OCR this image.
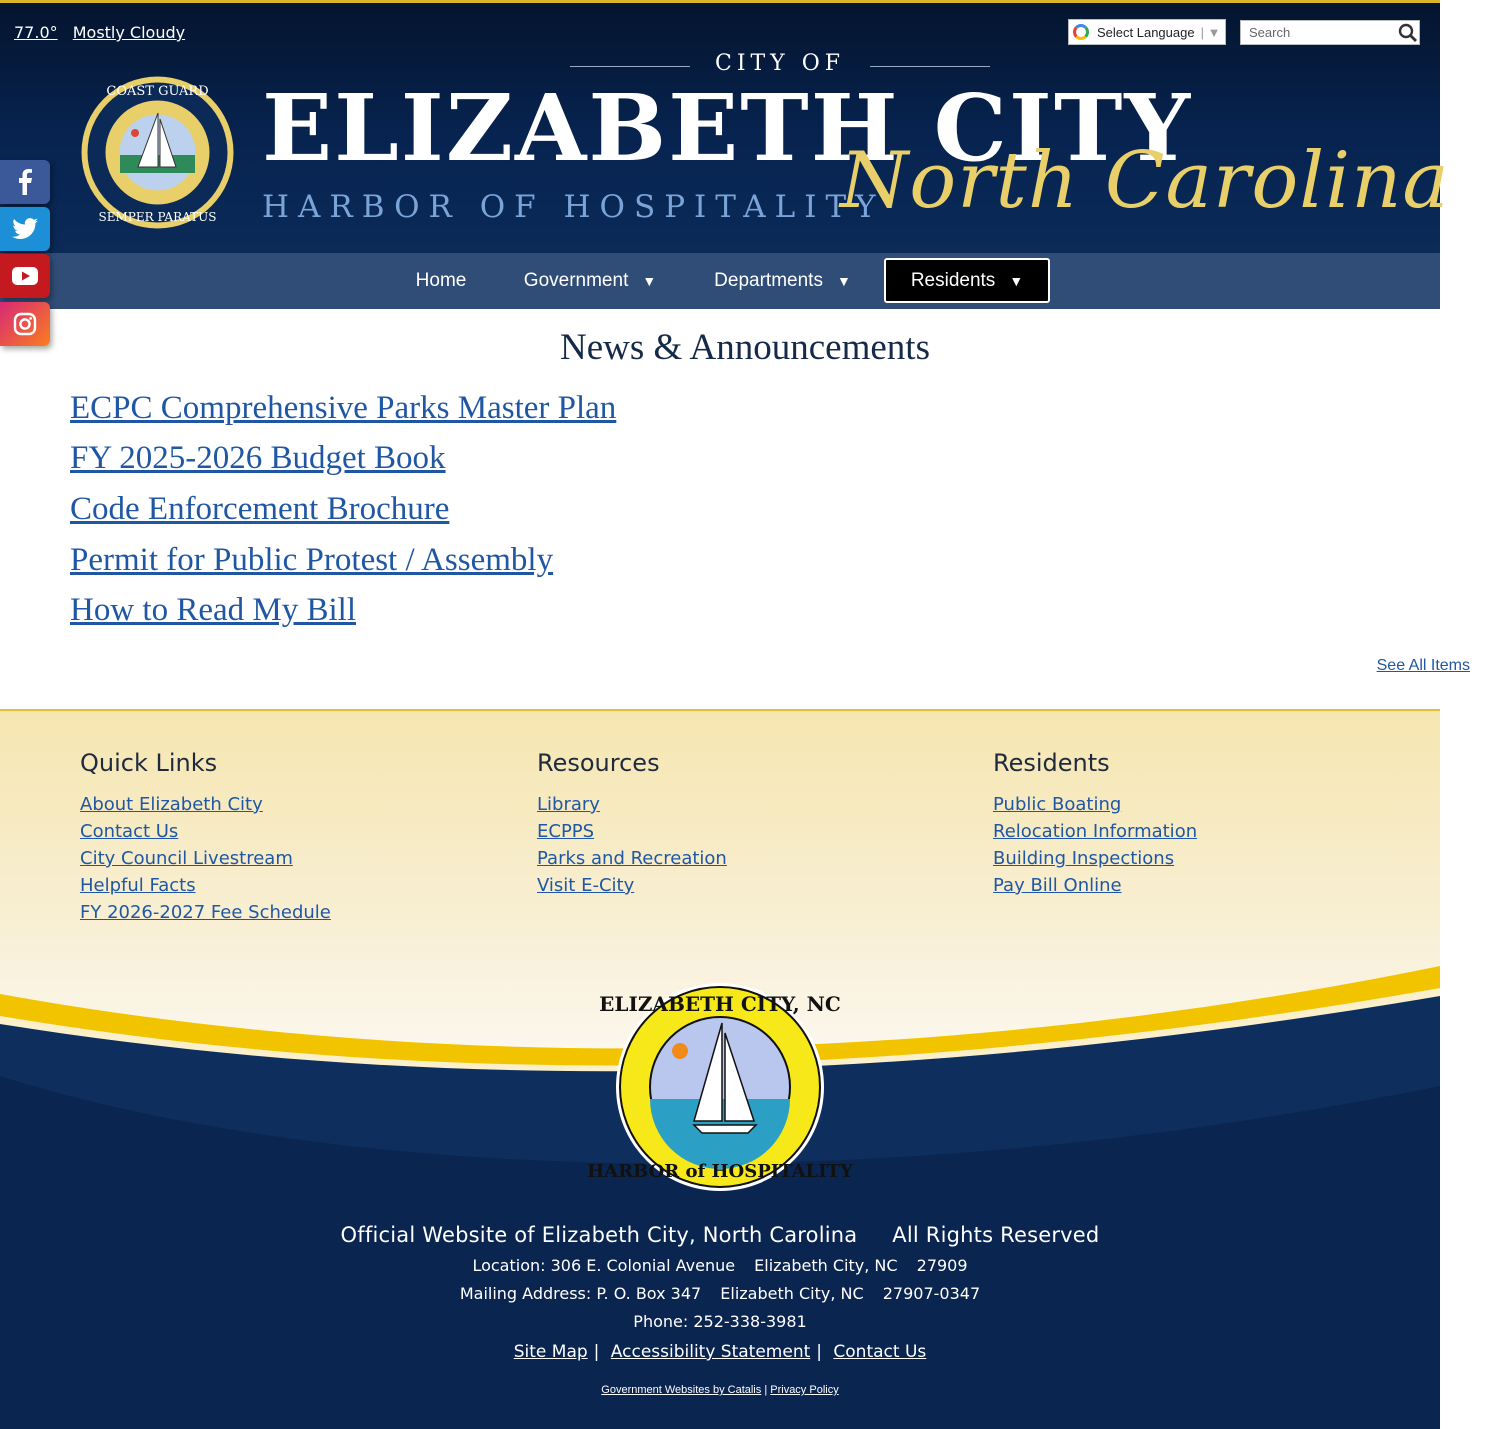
77.0° Mostly Cloudy	Select Language | ▼	Search
COAST GUARD
SEMPER PARATUS
CITY OF
ELIZABETH CITY
HARBOR OF HOSPITALITY
North Carolina
Home	Government ▼	Departments ▼	Residents ▼
News & Announcements
ECPC Comprehensive Parks Master Plan
FY 2025-2026 Budget Book
Code Enforcement Brochure
Permit for Public Protest / Assembly
How to Read My Bill
See All Items
Quick Links
About Elizabeth City
Contact Us
City Council Livestream
Helpful Facts
FY 2026-2027 Fee Schedule
Resources
Library
ECPPS
Parks and Recreation
Visit E-City
Residents
Public Boating
Relocation Information
Building Inspections
Pay Bill Online
ELIZABETH CITY, NC
HARBOR of HOSPITALITY
Official Website of Elizabeth City, North Carolina All Rights Reserved
Location: 306 E. Colonial Avenue Elizabeth City, NC 27909
Mailing Address: P. O. Box 347 Elizabeth City, NC 27907-0347
Phone: 252-338-3981
Site Map | Accessibility Statement | Contact Us
Government Websites by Catalis | Privacy Policy
